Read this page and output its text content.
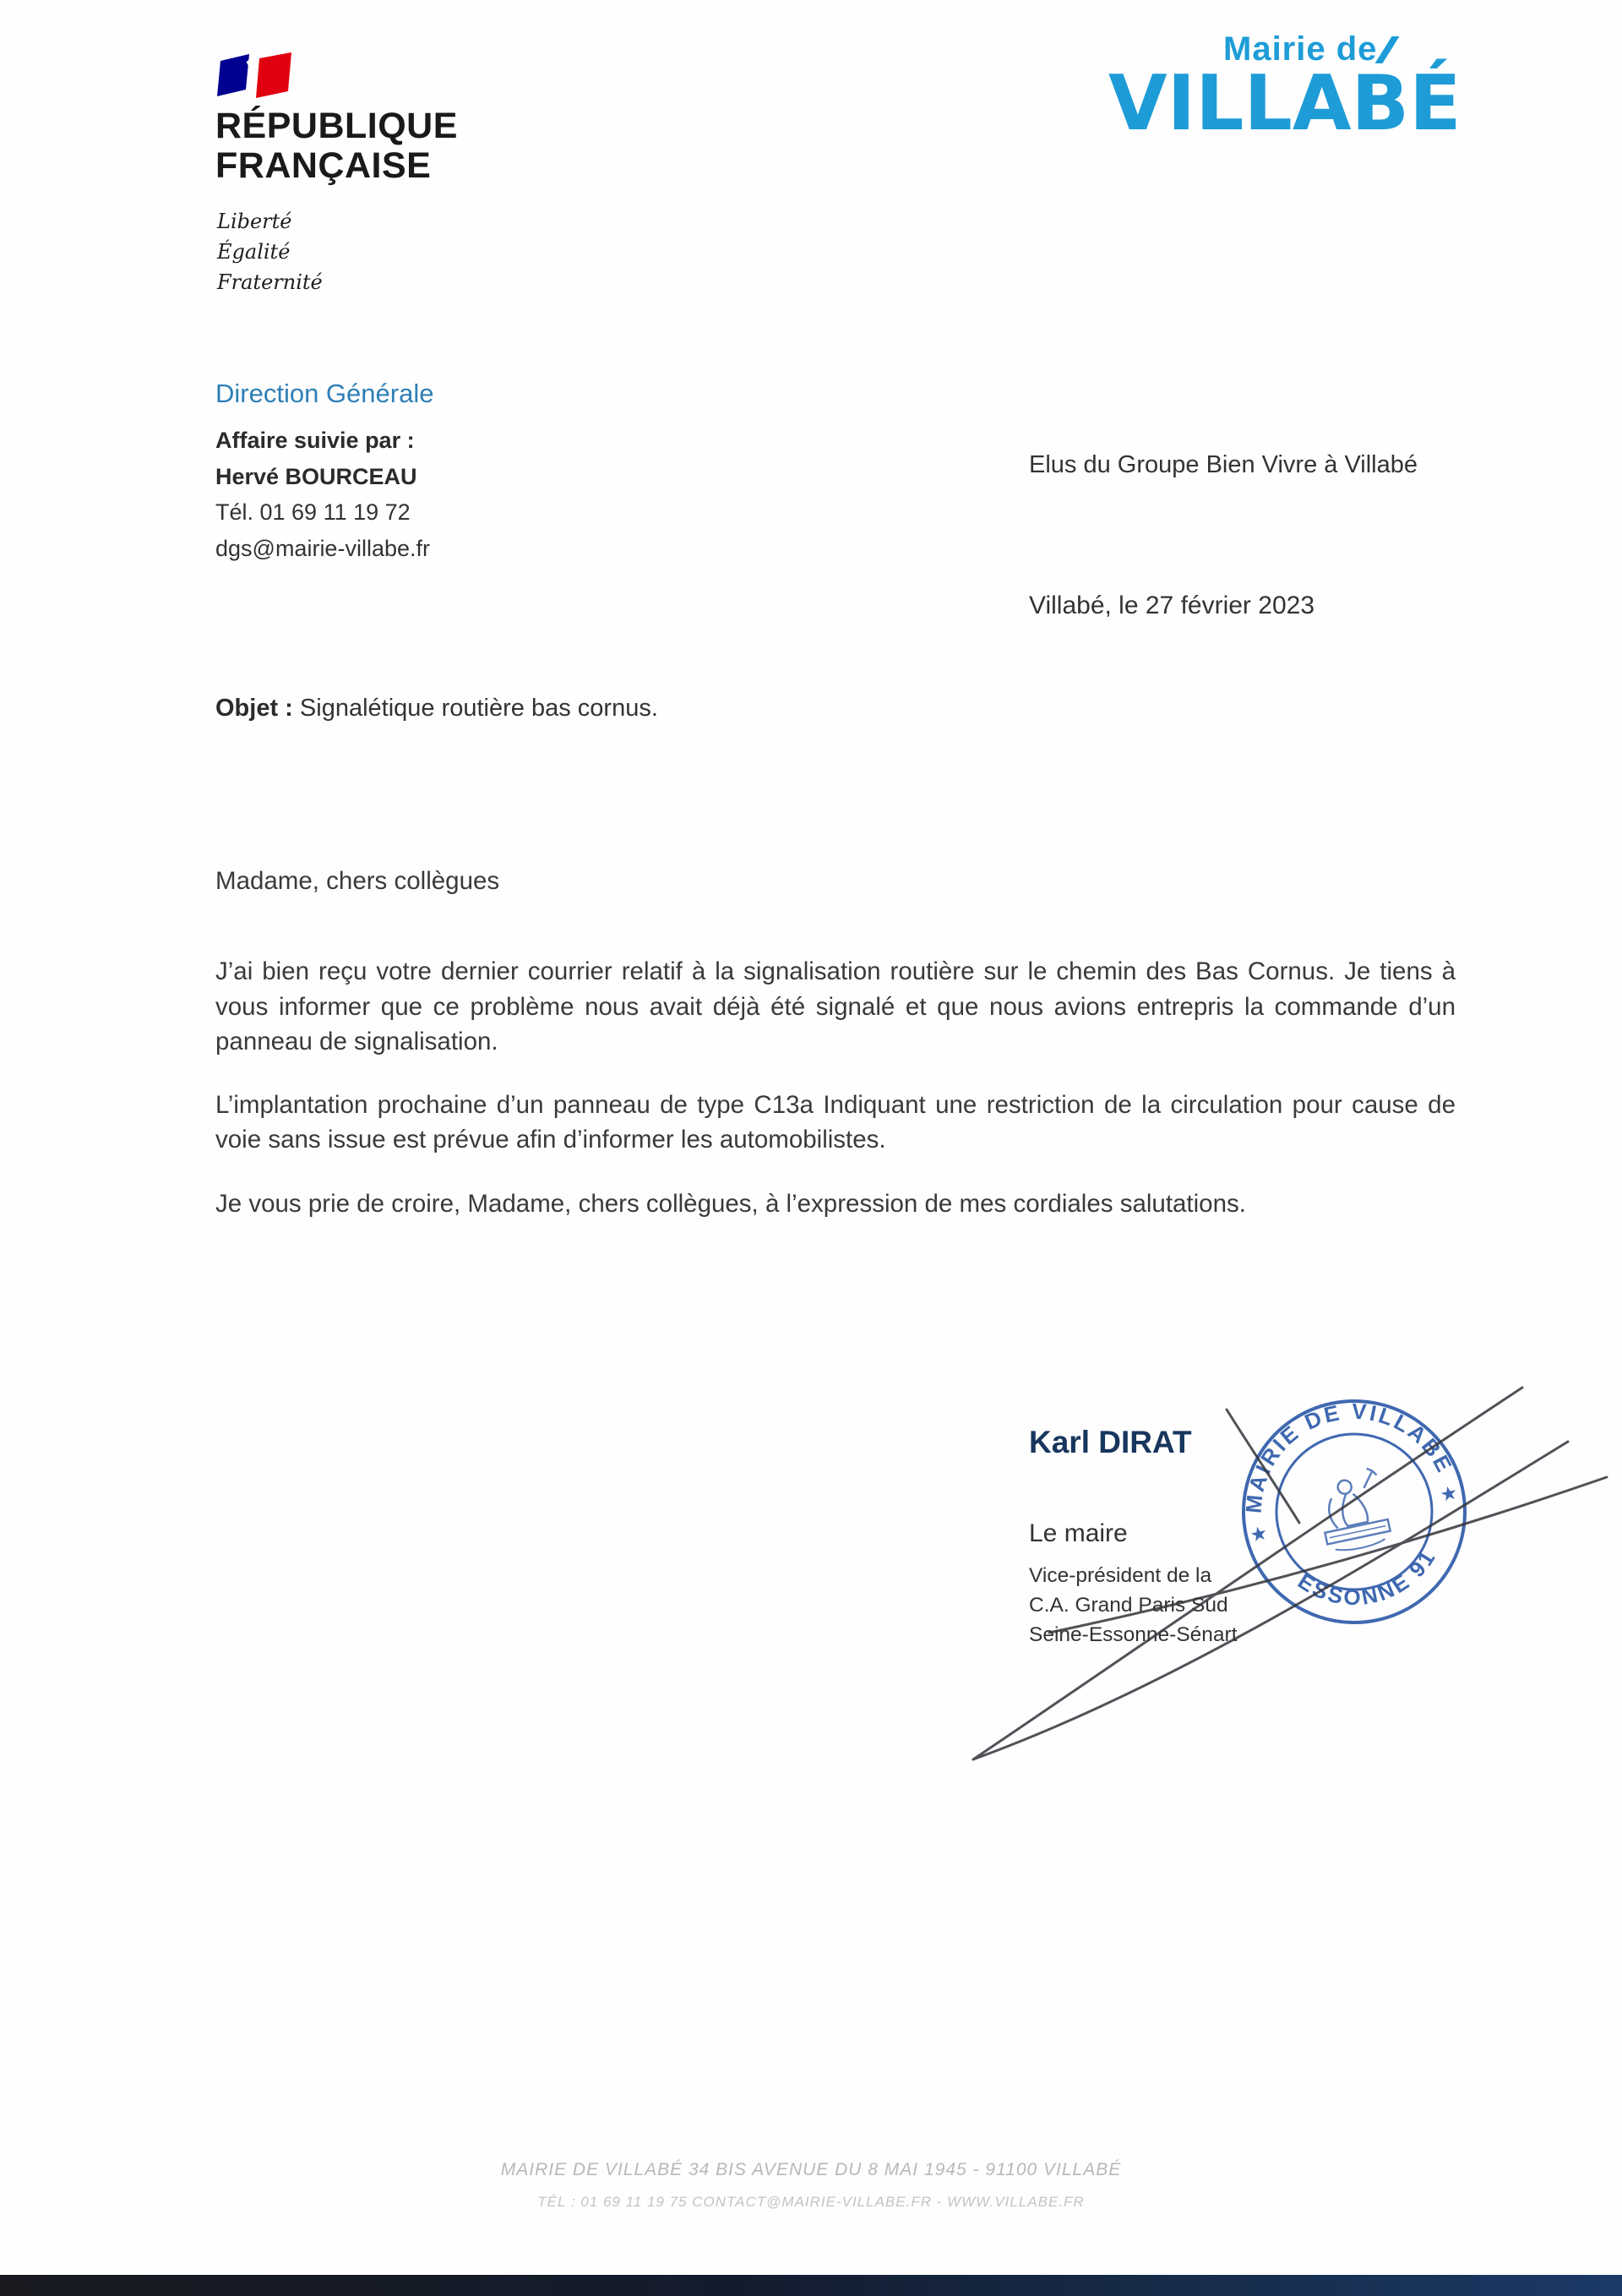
RÉPUBLIQUE
FRANÇAISE
Liberté
Égalité
Fraternité
Mairie de
VILLABÉ
Direction Générale
Affaire suivie par :
Hervé BOURCEAU
Tél. 01 69 11 19 72
dgs@mairie-villabe.fr
Elus du Groupe Bien Vivre à Villabé
Villabé, le 27 février 2023
Objet : Signalétique routière bas cornus.
Madame, chers collègues

J’ai bien reçu votre dernier courrier relatif à la signalisation routière sur le chemin des Bas Cornus. Je tiens à vous informer que ce problème nous avait déjà été signalé et que nous avions entrepris la commande d’un panneau de signalisation.

L’implantation prochaine d’un panneau de type C13a Indiquant une restriction de la circulation pour cause de voie sans issue est prévue afin d’informer les automobilistes.

Je vous prie de croire, Madame, chers collègues, à l’expression de mes cordiales salutations.

Karl DIRAT
Le maire
Vice-président de la
C.A. Grand Paris Sud
Seine-Essonne-Sénart
MAIRIE DE VILLABÉ
ESSONNE 91
★
★
MAIRIE DE VILLABÉ 34 BIS AVENUE DU 8 MAI 1945 - 91100 VILLABÉ
TÉL : 01 69 11 19 75 CONTACT@MAIRIE-VILLABE.FR - WWW.VILLABE.FR
